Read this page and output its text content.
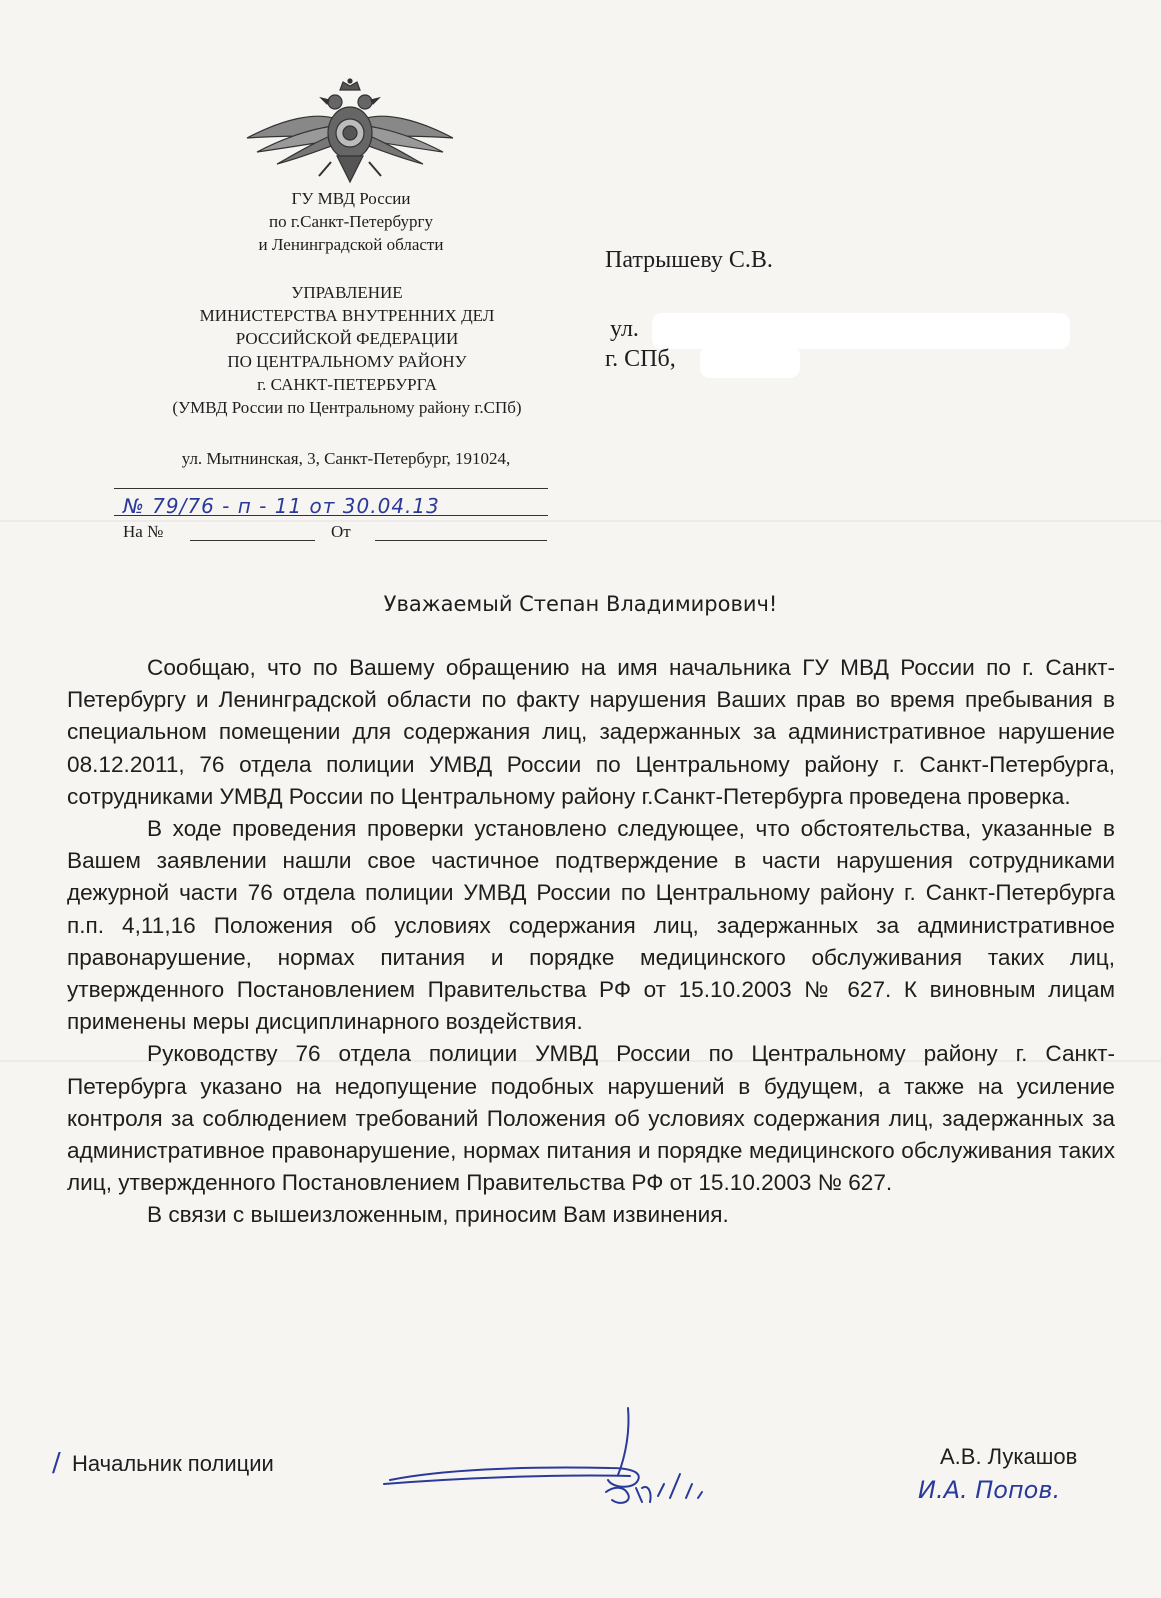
ГУ МВД России
по г.Санкт-Петербургу
и Ленинградской области
УПРАВЛЕНИЕ
МИНИСТЕРСТВА ВНУТРЕННИХ ДЕЛ
РОССИЙСКОЙ ФЕДЕРАЦИИ
ПО ЦЕНТРАЛЬНОМУ РАЙОНУ
г. САНКТ-ПЕТЕРБУРГА
(УМВД России по Центральному району г.СПб)
ул. Мытнинская, 3, Санкт-Петербург, 191024,
№ 79/76 - п - 11 от 30.04.13
На №	От
Патрышеву С.В.
ул.
г. СПб,
Уважаемый Степан Владимирович!

Сообщаю, что по Вашему обращению на имя начальника ГУ МВД России по г. Санкт-Петербургу и Ленинградской области по факту нарушения Ваших прав во время пребывания в специальном помещении для содержания лиц, задержанных за административное нарушение 08.12.2011, 76 отдела полиции УМВД России по Центральному району г. Санкт-Петербурга, сотрудниками УМВД России по Центральному району г.Санкт-Петербурга проведена проверка.

В ходе проведения проверки установлено следующее, что обстоятельства, указанные в Вашем заявлении нашли свое частичное подтверждение в части нарушения сотрудниками дежурной части 76 отдела полиции УМВД России по Центральному району г. Санкт-Петербурга п.п. 4,11,16 Положения об условиях содержания лиц, задержанных за административное правонарушение, нормах питания и порядке медицинского обслуживания таких лиц, утвержденного Постановлением Правительства РФ от 15.10.2003 № 627. К виновным лицам применены меры дисциплинарного воздействия.

Руководству 76 отдела полиции УМВД России по Центральному району г. Санкт-Петербурга указано на недопущение подобных нарушений в будущем, а также на усиление контроля за соблюдением требований Положения об условиях содержания лиц, задержанных за административное правонарушение, нормах питания и порядке медицинского обслуживания таких лиц, утвержденного Постановлением Правительства РФ от 15.10.2003 № 627.

В связи с вышеизложенным, приносим Вам извинения.

/ Начальник полиции	А.В. Лукашов
И.А. Попов.
